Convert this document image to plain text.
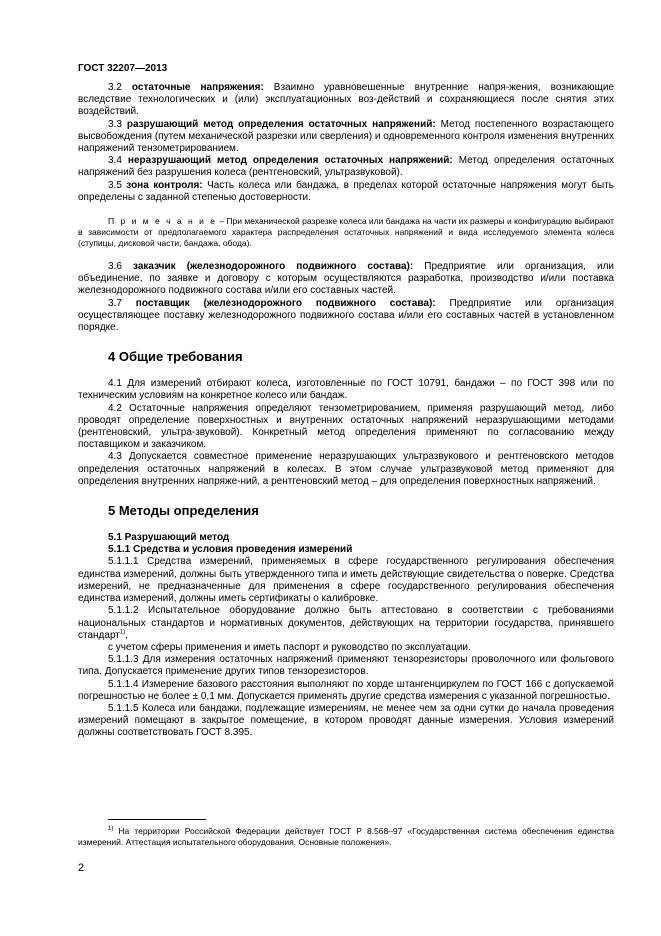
ГОСТ 32207—2013

3.2 остаточные напряжения: Взаимно уравновешенные внутренние напря-жения, возникающие вследствие технологических и (или) эксплуатационных воз-действий и сохраняющиеся после снятия этих воздействий.

3.3 разрушающий метод определения остаточных напряжений: Метод постепенного возрастающего высвобождения (путем механической разрезки или сверления) и одновременного контроля изменения внутренних напряжений тензометрированием.

3.4 неразрушающий метод определения остаточных напряжений: Метод определения остаточных напряжений без разрушения колеса (рентгеновский, ультразвуковой).

3.5 зона контроля: Часть колеса или бандажа, в пределах которой остаточные напряжения могут быть определены с заданной степенью достоверности.

П р и м е ч а н и е – При механической разрезке колеса или бандажа на части их размеры и конфигурацию выбирают в зависимости от предполагаемого характера распределения остаточных напряжений и вида исследуемого элемента колеса (ступицы, дисковой части, бандажа, обода).

3.6 заказчик (железнодорожного подвижного состава): Предприятие или организация, или объединение, по заявке и договору с которым осуществляются разработка, производство и/или поставка железнодорожного подвижного состава и/или его составных частей.

3.7 поставщик (железнодорожного подвижного состава): Предприятие или организация осуществляющее поставку железнодорожного подвижного состава и/или его составных частей в установленном порядке.

4 Общие требования

4.1 Для измерений отбирают колеса, изготовленные по ГОСТ 10791, бандажи – по ГОСТ 398 или по техническим условиям на конкретное колесо или бандаж.

4.2 Остаточные напряжения определяют тензометрированием, применяя разрушающий метод, либо проводят определение поверхностных и внутренних остаточных напряжений неразрушающими методами (рентгеновский, ультра-звуковой). Конкретный метод определения применяют по согласованию между поставщиком и заказчиком.

4.3 Допускается совместное применение неразрушающих ультразвукового и рентгеновского методов определения остаточных напряжений в колесах. В этом случае ультразвуковой метод применяют для определения внутренних напряже-ний, а рентгеновский метод – для определения поверхностных напряжений.

5 Методы определения

5.1 Разрушающий метод

5.1.1 Средства и условия проведения измерений

5.1.1.1 Средства измерений, применяемых в сфере государственного регулирования обеспечения единства измерений, должны быть утвержденного типа и иметь действующие свидетельства о поверке. Средства измерений, не предназначенные для применения в сфере государственного регулирования обеспечения единства измерений, должны иметь сертификаты о калибровке.

5.1.1.2 Испытательное оборудование должно быть аттестовано в соответствии с требованиями национальных стандартов и нормативных документов, действующих на территории государства, принявшего стандарт$^{1)}$,

с учетом сферы применения и иметь паспорт и руководство по эксплуатации.

5.1.1.3 Для измерения остаточных напряжений применяют тензорезисторы проволочного или фольгового типа. Допускается применение других типов тензорезисторов.

5.1.1.4 Измерение базового расстояния выполняют по хорде штангенциркулем по ГОСТ 166 с допускаемой погрешностью не более ± 0,1 мм. Допускается применять другие средства измерения с указанной погрешностью.

5.1.1.5 Колеса или бандажи, подлежащие измерениям, не менее чем за одни сутки до начала проведения измерений помещают в закрытое помещение, в котором проводят данные измерения. Условия измерений должны соответствовать ГОСТ 8.395.

$^{1)}$ На территории Российской Федерации действует ГОСТ Р 8.568–97 «Государственная система обеспечения единства измерений. Аттестация испытательного оборудования. Основные положения».
2
